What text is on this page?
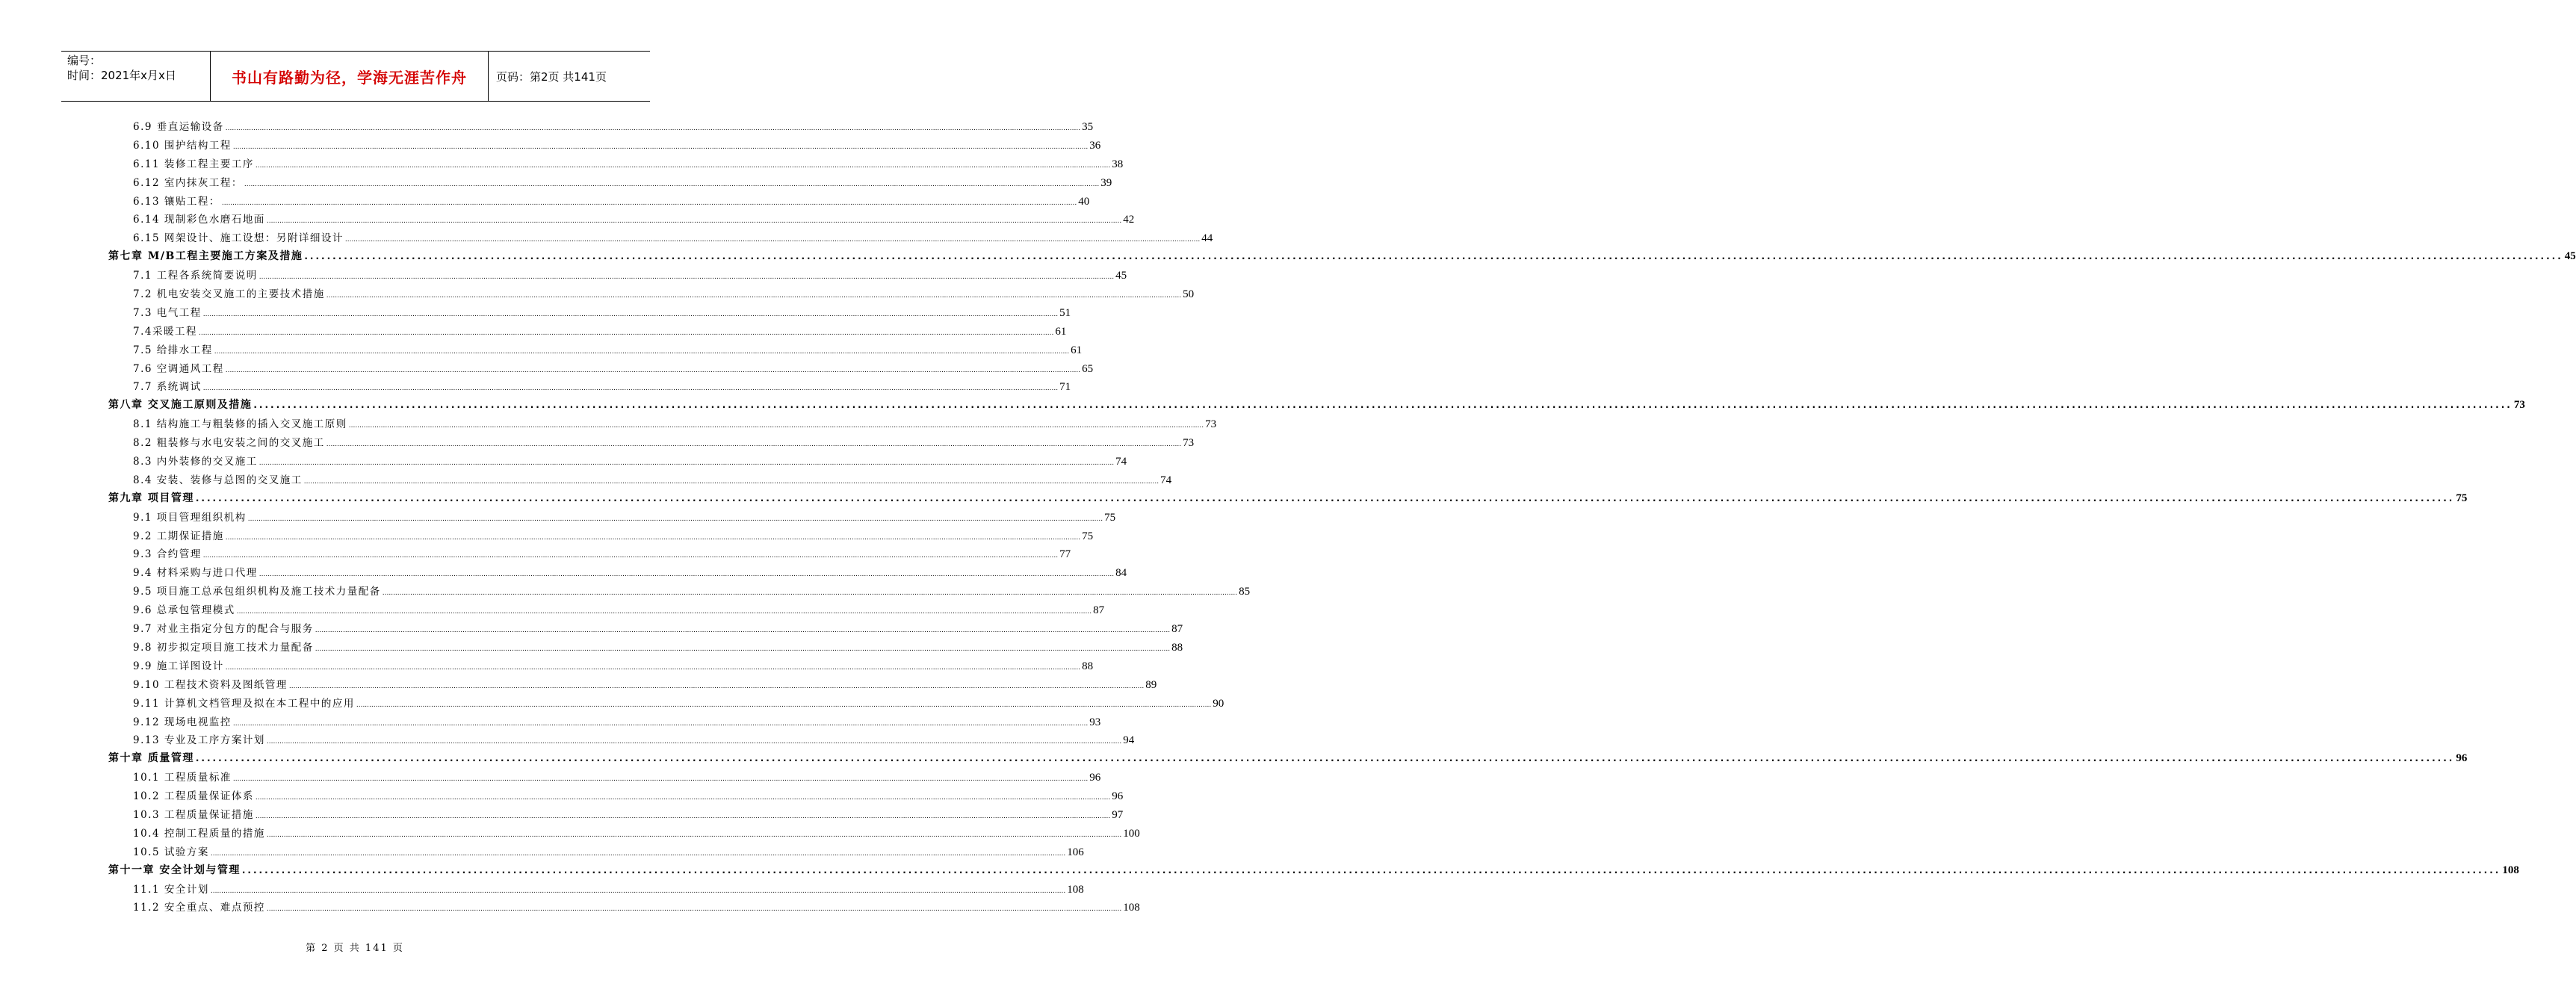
编号：
时间：2021年x月x日	书山有路勤为径，学海无涯苦作舟	页码：第2页 共141页
6.9 垂直运输设备 ................................................................................................................................................................................................................................................................................................................................................................................................................ 35
6.10 围护结构工程 ................................................................................................................................................................................................................................................................................................................................................................................................................ 36
6.11 装修工程主要工序 ................................................................................................................................................................................................................................................................................................................................................................................................................ 38
6.12 室内抹灰工程： ................................................................................................................................................................................................................................................................................................................................................................................................................ 39
6.13 镶贴工程： ................................................................................................................................................................................................................................................................................................................................................................................................................ 40
6.14 现制彩色水磨石地面 ................................................................................................................................................................................................................................................................................................................................................................................................................ 42
6.15 网架设计、施工设想：另附详细设计 ................................................................................................................................................................................................................................................................................................................................................................................................................ 44
第七章 M/B工程主要施工方案及措施 ................................................................................................................................................................................................................................................................................................................................................................................................................ 45
7.1 工程各系统简要说明 ................................................................................................................................................................................................................................................................................................................................................................................................................ 45
7.2 机电安装交叉施工的主要技术措施 ................................................................................................................................................................................................................................................................................................................................................................................................................ 50
7.3 电气工程 ................................................................................................................................................................................................................................................................................................................................................................................................................ 51
7.4采暖工程 ................................................................................................................................................................................................................................................................................................................................................................................................................ 61
7.5 给排水工程 ................................................................................................................................................................................................................................................................................................................................................................................................................ 61
7.6 空调通风工程 ................................................................................................................................................................................................................................................................................................................................................................................................................ 65
7.7 系统调试 ................................................................................................................................................................................................................................................................................................................................................................................................................ 71
第八章 交叉施工原则及措施 ................................................................................................................................................................................................................................................................................................................................................................................................................ 73
8.1 结构施工与粗装修的插入交叉施工原则 ................................................................................................................................................................................................................................................................................................................................................................................................................ 73
8.2 粗装修与水电安装之间的交叉施工 ................................................................................................................................................................................................................................................................................................................................................................................................................ 73
8.3 内外装修的交叉施工 ................................................................................................................................................................................................................................................................................................................................................................................................................ 74
8.4 安装、装修与总图的交叉施工 ................................................................................................................................................................................................................................................................................................................................................................................................................ 74
第九章 项目管理 ................................................................................................................................................................................................................................................................................................................................................................................................................ 75
9.1 项目管理组织机构 ................................................................................................................................................................................................................................................................................................................................................................................................................ 75
9.2 工期保证措施 ................................................................................................................................................................................................................................................................................................................................................................................................................ 75
9.3 合约管理 ................................................................................................................................................................................................................................................................................................................................................................................................................ 77
9.4 材料采购与进口代理 ................................................................................................................................................................................................................................................................................................................................................................................................................ 84
9.5 项目施工总承包组织机构及施工技术力量配备 ................................................................................................................................................................................................................................................................................................................................................................................................................ 85
9.6 总承包管理模式 ................................................................................................................................................................................................................................................................................................................................................................................................................ 87
9.7 对业主指定分包方的配合与服务 ................................................................................................................................................................................................................................................................................................................................................................................................................ 87
9.8 初步拟定项目施工技术力量配备 ................................................................................................................................................................................................................................................................................................................................................................................................................ 88
9.9 施工详图设计 ................................................................................................................................................................................................................................................................................................................................................................................................................ 88
9.10 工程技术资料及图纸管理 ................................................................................................................................................................................................................................................................................................................................................................................................................ 89
9.11 计算机文档管理及拟在本工程中的应用 ................................................................................................................................................................................................................................................................................................................................................................................................................ 90
9.12 现场电视监控 ................................................................................................................................................................................................................................................................................................................................................................................................................ 93
9.13 专业及工序方案计划 ................................................................................................................................................................................................................................................................................................................................................................................................................ 94
第十章 质量管理 ................................................................................................................................................................................................................................................................................................................................................................................................................ 96
10.1 工程质量标准 ................................................................................................................................................................................................................................................................................................................................................................................................................ 96
10.2 工程质量保证体系 ................................................................................................................................................................................................................................................................................................................................................................................................................ 96
10.3 工程质量保证措施 ................................................................................................................................................................................................................................................................................................................................................................................................................ 97
10.4 控制工程质量的措施 ................................................................................................................................................................................................................................................................................................................................................................................................................ 100
10.5 试验方案 ................................................................................................................................................................................................................................................................................................................................................................................................................ 106
第十一章 安全计划与管理 ................................................................................................................................................................................................................................................................................................................................................................................................................ 108
11.1 安全计划 ................................................................................................................................................................................................................................................................................................................................................................................................................ 108
11.2 安全重点、难点预控 ................................................................................................................................................................................................................................................................................................................................................................................................................ 108
第 2 页 共 141 页
